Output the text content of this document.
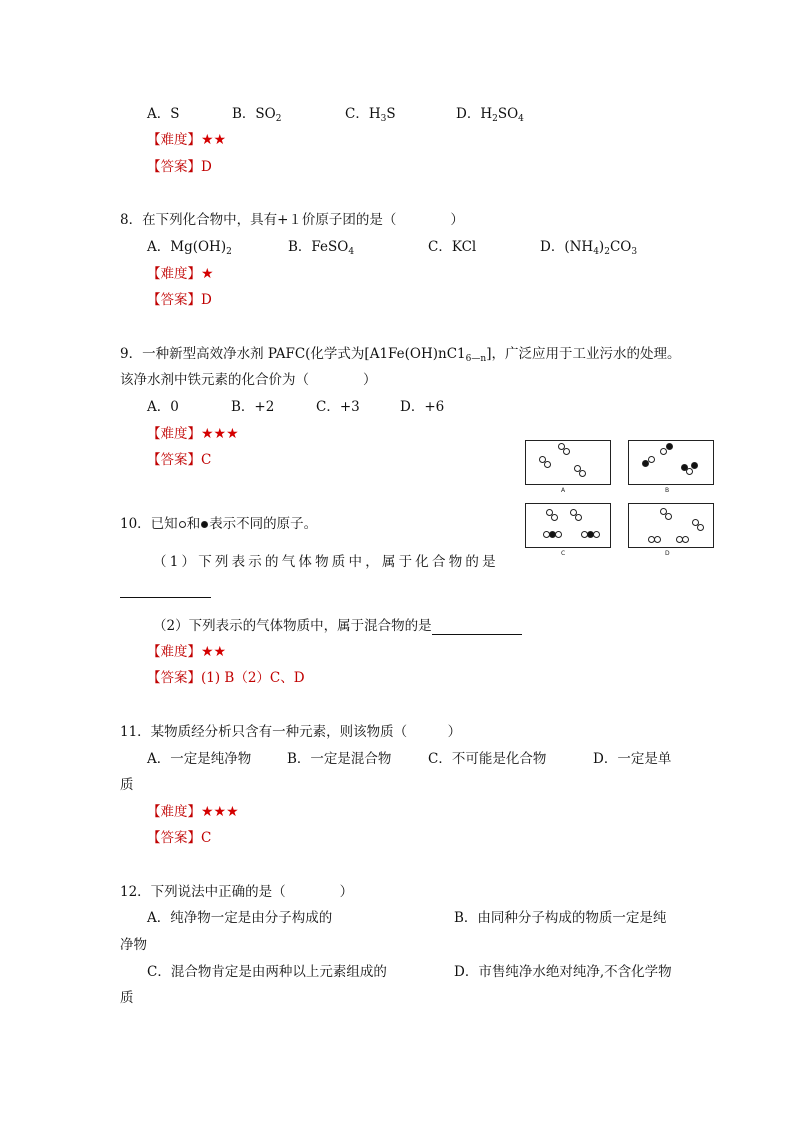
A．S	B．$SO_2$	C．$H_3S$	D．$H_2SO_4$
【难度】★★
【答案】D
8．在下列化合物中，具有+１价原子团的是（　　　　）
A．$Mg(OH)_2$	B．FeSO$_4$	C．KCl	D．$(NH_4)_2CO_3$
【难度】★
【答案】D
9．一种新型高效净水剂 PAFC(化学式为$[A1Fe(OH)nC1_{6—n}]$，广泛应用于工业污水的处理。
该净水剂中铁元素的化合价为（　　　　）
A．0	B．+2	C．+3	D．+6
【难度】★★★
【答案】C
A	B
C	D
10．已知 和 表示不同的原子。
（1）下列表示的气体物质中，属于化合物的是
（2）下列表示的气体物质中，属于混合物的是
【难度】★★
【答案】(1) B（2）C、D
11．某物质经分析只含有一种元素，则该物质（　　　）
A．一定是纯净物	B．一定是混合物	C．不可能是化合物	D．一定是单
质
【难度】★★★
【答案】C
12．下列说法中正确的是（　　　　）
A．纯净物一定是由分子构成的	B．由同种分子构成的物质一定是纯
净物
C．混合物肯定是由两种以上元素组成的	D．市售纯净水绝对纯净,不含化学物
质
